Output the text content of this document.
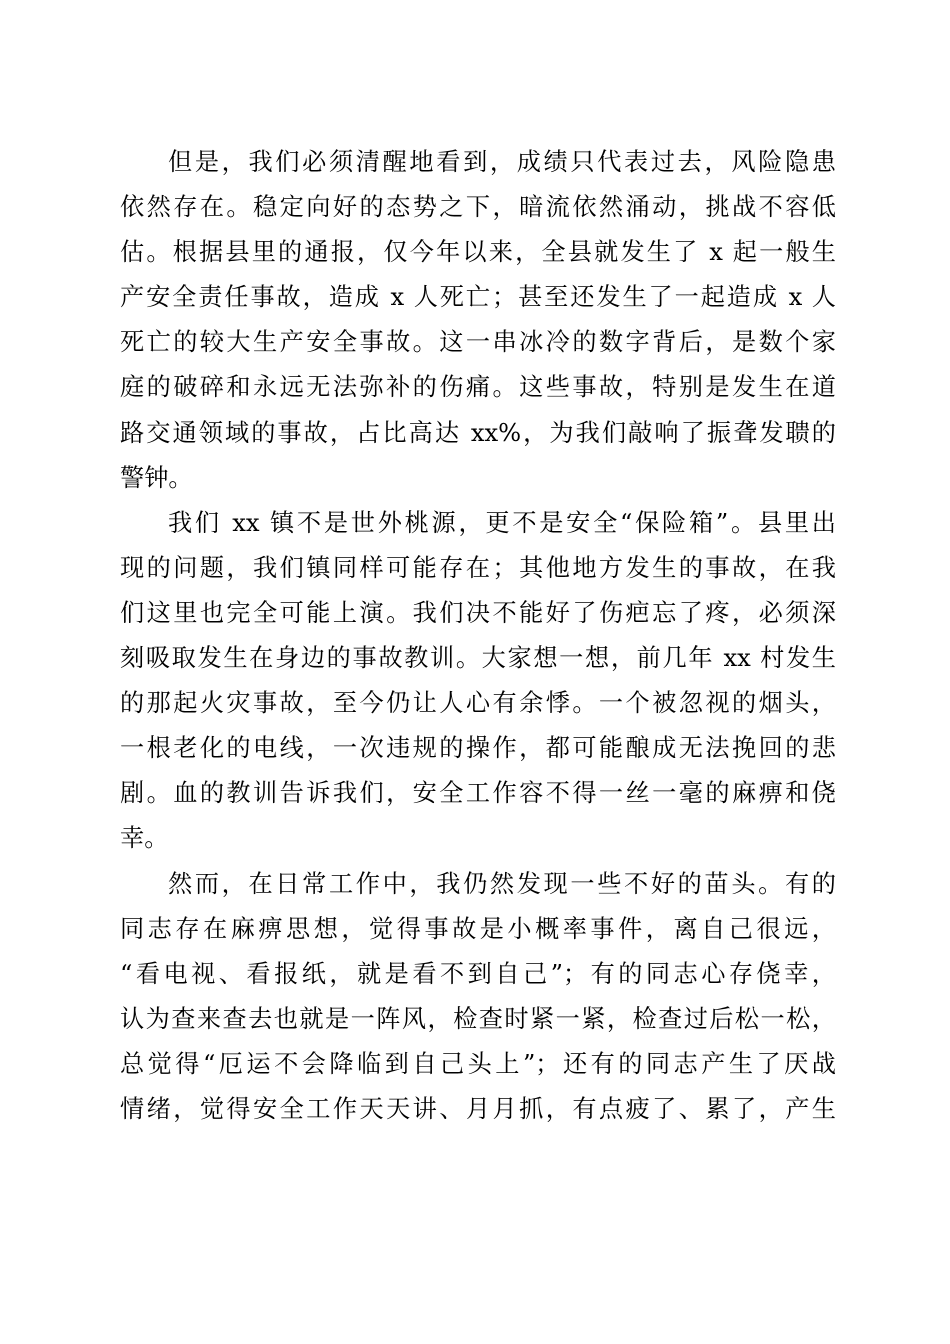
但是，我们必须清醒地看到，成绩只代表过去，风险隐患
依然存在。稳定向好的态势之下，暗流依然涌动，挑战不容低
估。根据县里的通报，仅今年以来，全县就发生了 x 起一般生
产安全责任事故，造成 x 人死亡；甚至还发生了一起造成 x 人
死亡的较大生产安全事故。这一串冰冷的数字背后，是数个家
庭的破碎和永远无法弥补的伤痛。这些事故，特别是发生在道
路交通领域的事故，占比高达 xx%，为我们敲响了振聋发聩的
警钟。
我们 xx 镇不是世外桃源，更不是安全“保险箱”。县里出
现的问题，我们镇同样可能存在；其他地方发生的事故，在我
们这里也完全可能上演。我们决不能好了伤疤忘了疼，必须深
刻吸取发生在身边的事故教训。大家想一想，前几年 xx 村发生
的那起火灾事故，至今仍让人心有余悸。一个被忽视的烟头，
一根老化的电线，一次违规的操作，都可能酿成无法挽回的悲
剧。血的教训告诉我们，安全工作容不得一丝一毫的麻痹和侥
幸。
然而，在日常工作中，我仍然发现一些不好的苗头。有的
同志存在麻痹思想，觉得事故是小概率事件，离自己很远，
“看电视、看报纸，就是看不到自己”；有的同志心存侥幸，
认为查来查去也就是一阵风，检查时紧一紧，检查过后松一松，
总觉得“厄运不会降临到自己头上”；还有的同志产生了厌战
情绪，觉得安全工作天天讲、月月抓，有点疲了、累了，产生
